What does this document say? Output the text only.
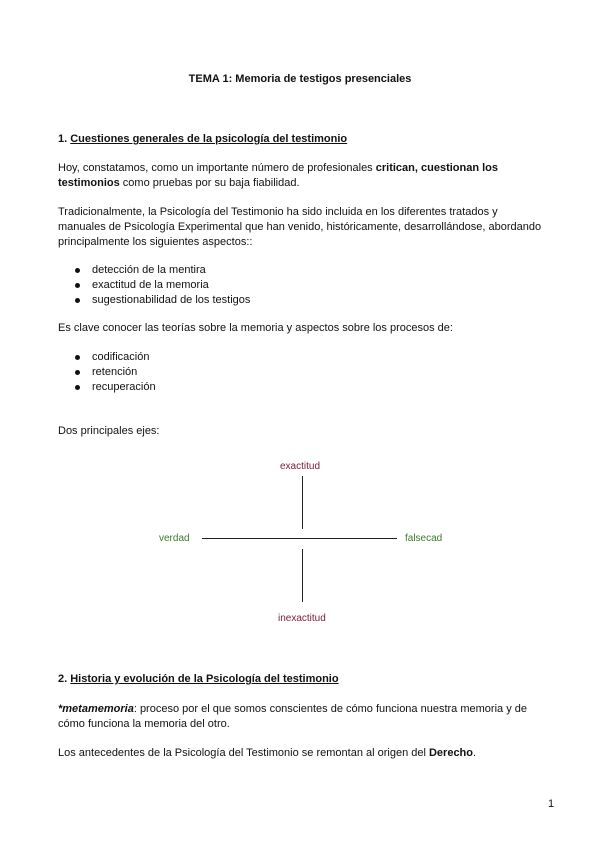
TEMA 1: Memoria de testigos presenciales
1. Cuestiones generales de la psicología del testimonio

Hoy, constatamos, como un importante número de profesionales critican, cuestionan los testimonios como pruebas por su baja fiabilidad.

Tradicionalmente, la Psicología del Testimonio ha sido incluida en los diferentes tratados y manuales de Psicología Experimental que han venido, históricamente, desarrollándose, abordando principalmente los siguientes aspectos::

detección de la mentira
exactitud de la memoria
sugestionabilidad de los testigos

Es clave conocer las teorías sobre la memoria y aspectos sobre los procesos de:

codificación
retención
recuperación

Dos principales ejes:

exactitud
verdad	falsecad
inexactitud
2. Historia y evolución de la Psicología del testimonio

*metamemoria: proceso por el que somos conscientes de cómo funciona nuestra memoria y de cómo funciona la memoria del otro.

Los antecedentes de la Psicología del Testimonio se remontan al origen del Derecho.

1
